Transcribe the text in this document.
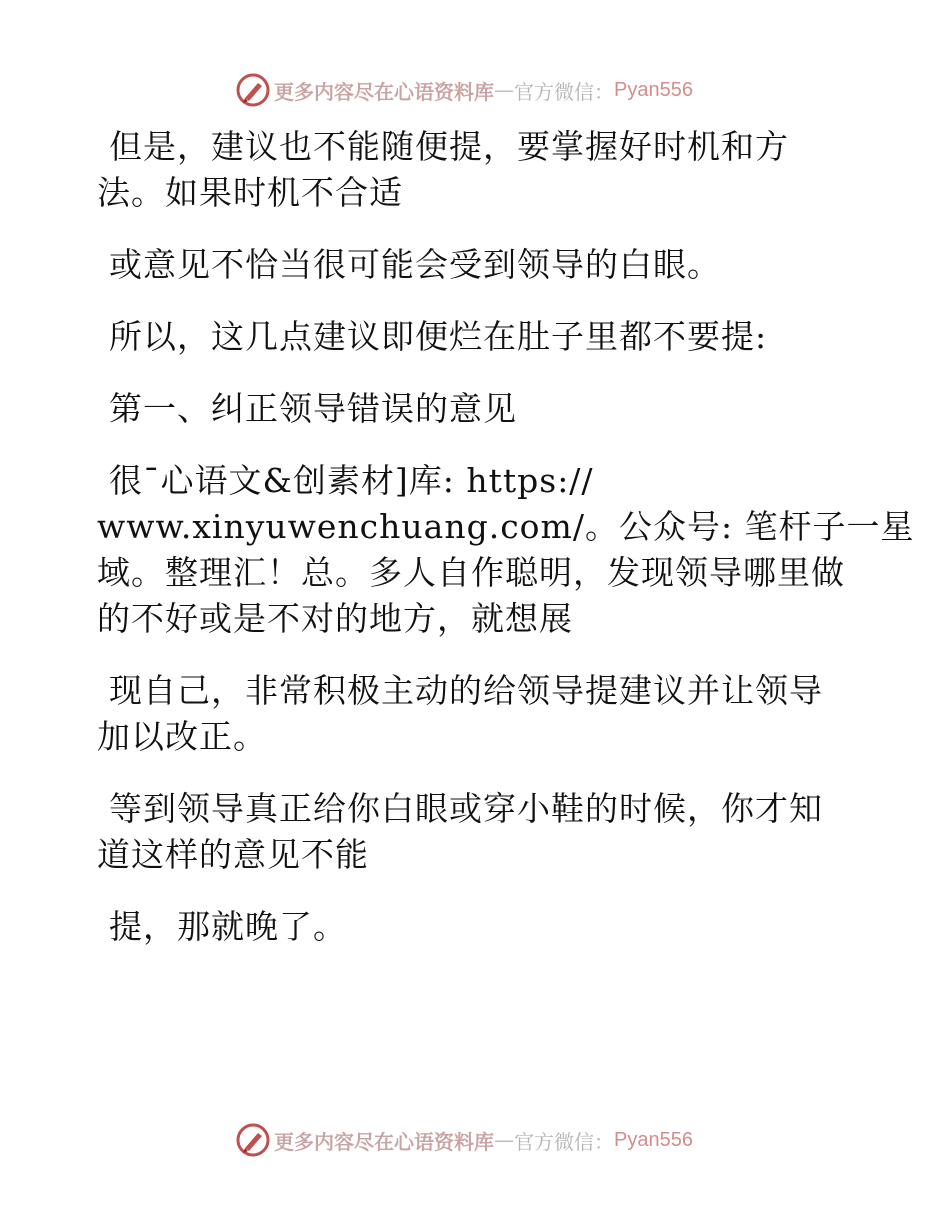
更多内容尽在心语资料库 — 官方微信： Pyan556

但是，建议也不能随便提，要掌握好时机和方
法。如果时机不合适

或意见不恰当很可能会受到领导的白眼。

所以，这几点建议即便烂在肚子里都不要提:

第一、纠正领导错误的意见

很¯心语文&创素材]库: https://
www.xinyuwenchuang.com/。公众号: 笔杆子一星
域。整理汇！总。多人自作聪明，发现领导哪里做
的不好或是不对的地方，就想展

现自己，非常积极主动的给领导提建议并让领导
加以改正。

等到领导真正给你白眼或穿小鞋的时候，你才知
道这样的意见不能

提，那就晚了。

更多内容尽在心语资料库 — 官方微信： Pyan556
